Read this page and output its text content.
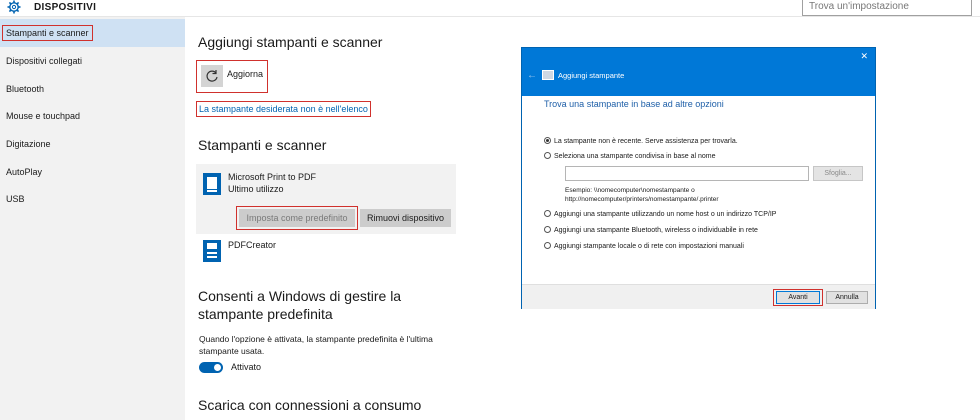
DISPOSITIVI	Trova un'impostazione
Stampanti e scanner
Dispositivi collegati
Bluetooth
Mouse e touchpad
Digitazione
AutoPlay
USB
Aggiungi stampanti e scanner
Aggiorna
La stampante desiderata non è nell'elenco
Stampanti e scanner
Microsoft Print to PDF
Ultimo utilizzo
Imposta come predefinito	Rimuovi dispositivo
PDFCreator
Consenti a Windows di gestire la
stampante predefinita
Quando l'opzione è attivata, la stampante predefinita è l'ultima stampante usata.
Attivato
Scarica con connessioni a consumo
✕
←	Aggiungi stampante
Trova una stampante in base ad altre opzioni
La stampante non è recente. Serve assistenza per trovarla.
Seleziona una stampante condivisa in base al nome
Sfoglia...
Esempio: \\nomecomputer\nomestampante o
http://nomecomputer/printers/nomestampante/.printer
Aggiungi una stampante utilizzando un nome host o un indirizzo TCP/IP
Aggiungi una stampante Bluetooth, wireless o individuabile in rete
Aggiungi stampante locale o di rete con impostazioni manuali
Avanti	Annulla
